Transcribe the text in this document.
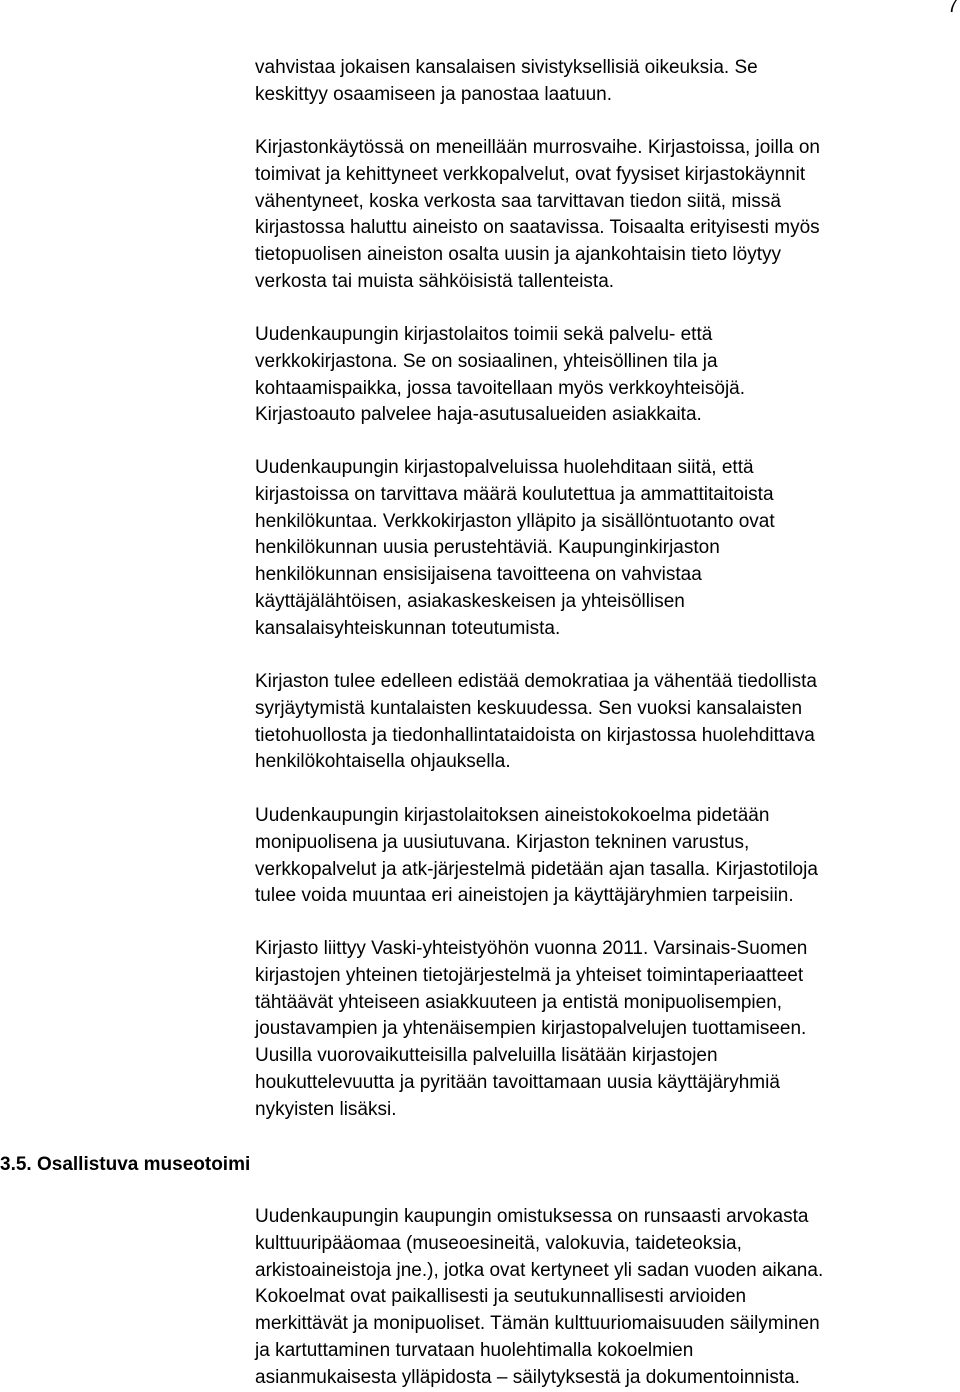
7

vahvistaa jokaisen kansalaisen sivistyksellisiä oikeuksia. Se
keskittyy osaamiseen ja panostaa laatuun.

Kirjastonkäytössä on meneillään murrosvaihe. Kirjastoissa, joilla on
toimivat ja kehittyneet verkkopalvelut, ovat fyysiset kirjastokäynnit
vähentyneet, koska verkosta saa tarvittavan tiedon siitä, missä
kirjastossa haluttu aineisto on saatavissa. Toisaalta erityisesti myös
tietopuolisen aineiston osalta uusin ja ajankohtaisin tieto löytyy
verkosta tai muista sähköisistä tallenteista.

Uudenkaupungin kirjastolaitos toimii sekä palvelu- että
verkkokirjastona. Se on sosiaalinen, yhteisöllinen tila ja
kohtaamispaikka, jossa tavoitellaan myös verkkoyhteisöjä.
Kirjastoauto palvelee haja-asutusalueiden asiakkaita.

Uudenkaupungin kirjastopalveluissa huolehditaan siitä, että
kirjastoissa on tarvittava määrä koulutettua ja ammattitaitoista
henkilökuntaa. Verkkokirjaston ylläpito ja sisällöntuotanto ovat
henkilökunnan uusia perustehtäviä. Kaupunginkirjaston
henkilökunnan ensisijaisena tavoitteena on vahvistaa
käyttäjälähtöisen, asiakaskeskeisen ja yhteisöllisen
kansalaisyhteiskunnan toteutumista.

Kirjaston tulee edelleen edistää demokratiaa ja vähentää tiedollista
syrjäytymistä kuntalaisten keskuudessa. Sen vuoksi kansalaisten
tietohuollosta ja tiedonhallintataidoista on kirjastossa huolehdittava
henkilökohtaisella ohjauksella.

Uudenkaupungin kirjastolaitoksen aineistokokoelma pidetään
monipuolisena ja uusiutuvana. Kirjaston tekninen varustus,
verkkopalvelut ja atk-järjestelmä pidetään ajan tasalla. Kirjastotiloja
tulee voida muuntaa eri aineistojen ja käyttäjäryhmien tarpeisiin.

Kirjasto liittyy Vaski-yhteistyöhön vuonna 2011. Varsinais-Suomen
kirjastojen yhteinen tietojärjestelmä ja yhteiset toimintaperiaatteet
tähtäävät yhteiseen asiakkuuteen ja entistä monipuolisempien,
joustavampien ja yhtenäisempien kirjastopalvelujen tuottamiseen.
Uusilla vuorovaikutteisilla palveluilla lisätään kirjastojen
houkuttelevuutta ja pyritään tavoittamaan uusia käyttäjäryhmiä
nykyisten lisäksi.

3.5. Osallistuva museotoimi

Uudenkaupungin kaupungin omistuksessa on runsaasti arvokasta
kulttuuripääomaa (museoesineitä, valokuvia, taideteoksia,
arkistoaineistoja jne.), jotka ovat kertyneet yli sadan vuoden aikana.
Kokoelmat ovat paikallisesti ja seutukunnallisesti arvioiden
merkittävät ja monipuoliset. Tämän kulttuuriomaisuuden säilyminen
ja kartuttaminen turvataan huolehtimalla kokoelmien
asianmukaisesta ylläpidosta – säilytyksestä ja dokumentoinnista.
